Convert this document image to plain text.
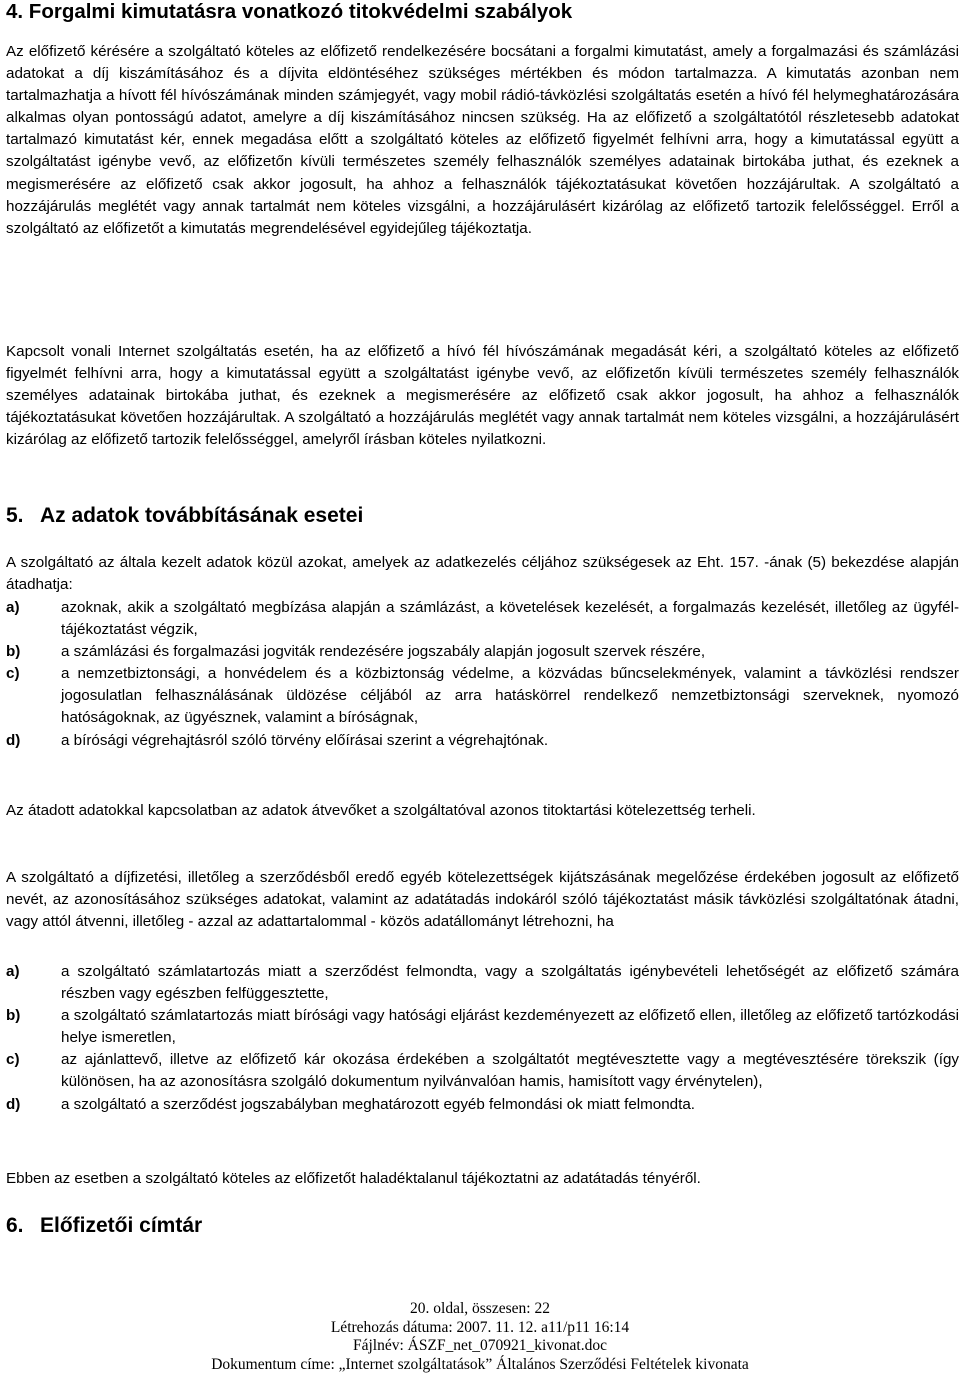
4. Forgalmi kimutatásra vonatkozó titokvédelmi szabályok

Az előfizető kérésére a szolgáltató köteles az előfizető rendelkezésére bocsátani a forgalmi kimutatást, amely a forgalmazási és számlázási adatokat a díj kiszámításához és a díjvita eldöntéséhez szükséges mértékben és módon tartalmazza. A kimutatás azonban nem tartalmazhatja a hívott fél hívószámának minden számjegyét, vagy mobil rádió-távközlési szolgáltatás esetén a hívó fél helymeghatározására alkalmas olyan pontosságú adatot, amelyre a díj kiszámításához nincsen szükség. Ha az előfizető a szolgáltatótól részletesebb adatokat tartalmazó kimutatást kér, ennek megadása előtt a szolgáltató köteles az előfizető figyelmét felhívni arra, hogy a kimutatással együtt a szolgáltatást igénybe vevő, az előfizetőn kívüli természetes személy felhasználók személyes adatainak birtokába juthat, és ezeknek a megismerésére az előfizető csak akkor jogosult, ha ahhoz a felhasználók tájékoztatásukat követően hozzájárultak. A szolgáltató a hozzájárulás meglétét vagy annak tartalmát nem köteles vizsgálni, a hozzájárulásért kizárólag az előfizető tartozik felelősséggel. Erről a szolgáltató az előfizetőt a kimutatás megrendelésével egyidejűleg tájékoztatja.

Kapcsolt vonali Internet szolgáltatás esetén, ha az előfizető a hívó fél hívószámának megadását kéri, a szolgáltató köteles az előfizető figyelmét felhívni arra, hogy a kimutatással együtt a szolgáltatást igénybe vevő, az előfizetőn kívüli természetes személy felhasználók személyes adatainak birtokába juthat, és ezeknek a megismerésére az előfizető csak akkor jogosult, ha ahhoz a felhasználók tájékoztatásukat követően hozzájárultak. A szolgáltató a hozzájárulás meglétét vagy annak tartalmát nem köteles vizsgálni, a hozzájárulásért kizárólag az előfizető tartozik felelősséggel, amelyről írásban köteles nyilatkozni.

5. Az adatok továbbításának esetei

A szolgáltató az általa kezelt adatok közül azokat, amelyek az adatkezelés céljához szükségesek az Eht. 157. -ának (5) bekezdése alapján átadhatja:

a)	azoknak, akik a szolgáltató megbízása alapján a számlázást, a követelések kezelését, a forgalmazás kezelését, illetőleg az ügyfél-tájékoztatást végzik,
b)	a számlázási és forgalmazási jogviták rendezésére jogszabály alapján jogosult szervek részére,
c)	a nemzetbiztonsági, a honvédelem és a közbiztonság védelme, a közvádas bűncselekmények, valamint a távközlési rendszer jogosulatlan felhasználásának üldözése céljából az arra hatáskörrel rendelkező nemzetbiztonsági szerveknek, nyomozó hatóságoknak, az ügyésznek, valamint a bíróságnak,
d)	a bírósági végrehajtásról szóló törvény előírásai szerint a végrehajtónak.

Az átadott adatokkal kapcsolatban az adatok átvevőket a szolgáltatóval azonos titoktartási kötelezettség terheli.

A szolgáltató a díjfizetési, illetőleg a szerződésből eredő egyéb kötelezettségek kijátszásának megelőzése érdekében jogosult az előfizető nevét, az azonosításához szükséges adatokat, valamint az adatátadás indokáról szóló tájékoztatást másik távközlési szolgáltatónak átadni, vagy attól átvenni, illetőleg - azzal az adattartalommal - közös adatállományt létrehozni, ha

a)	a szolgáltató számlatartozás miatt a szerződést felmondta, vagy a szolgáltatás igénybevételi lehetőségét az előfizető számára részben vagy egészben felfüggesztette,
b)	a szolgáltató számlatartozás miatt bírósági vagy hatósági eljárást kezdeményezett az előfizető ellen, illetőleg az előfizető tartózkodási helye ismeretlen,
c)	az ajánlattevő, illetve az előfizető kár okozása érdekében a szolgáltatót megtévesztette vagy a megtévesztésére törekszik (így különösen, ha az azonosításra szolgáló dokumentum nyilvánvalóan hamis, hamisított vagy érvénytelen),
d)	a szolgáltató a szerződést jogszabályban meghatározott egyéb felmondási ok miatt felmondta.

Ebben az esetben a szolgáltató köteles az előfizetőt haladéktalanul tájékoztatni az adatátadás tényéről.

6. Előfizetői címtár
20. oldal, összesen: 22
Létrehozás dátuma: 2007. 11. 12. a11/p11 16:14
Fájlnév: ÁSZF_net_070921_kivonat.doc
Dokumentum címe: „Internet szolgáltatások” Általános Szerződési Feltételek kivonata
